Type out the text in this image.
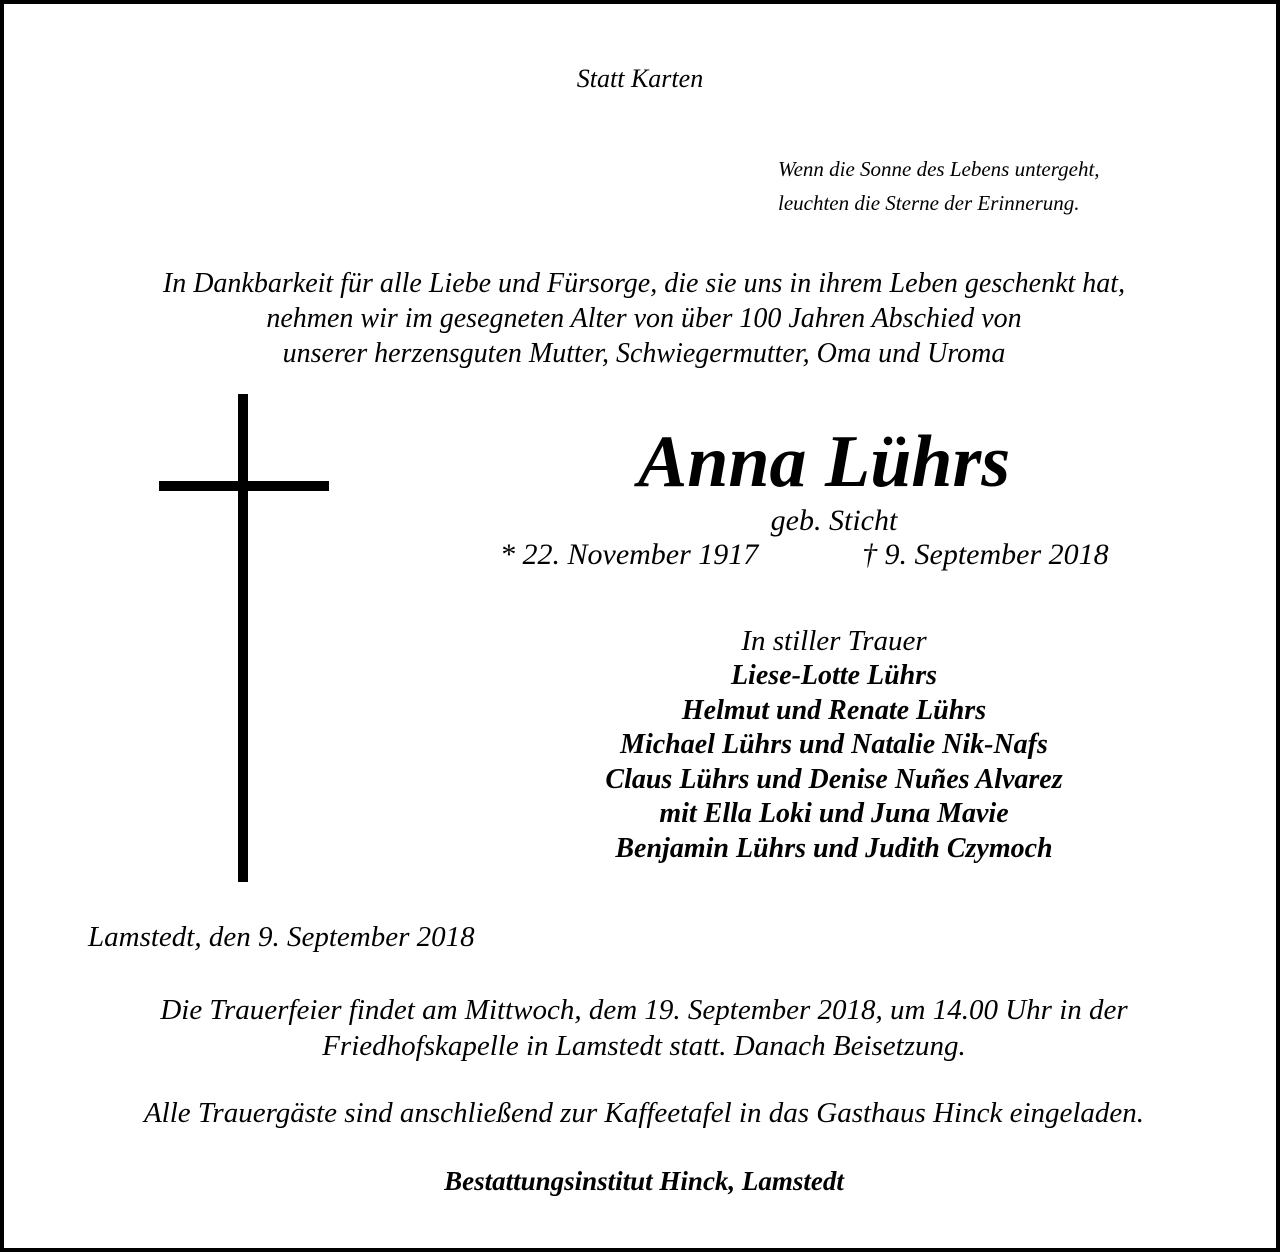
Statt Karten
Wenn die Sonne des Lebens untergeht,
leuchten die Sterne der Erinnerung.
In Dankbarkeit für alle Liebe und Fürsorge, die sie uns in ihrem Leben geschenkt hat,
nehmen wir im gesegneten Alter von über 100 Jahren Abschied von
unserer herzensguten Mutter, Schwiegermutter, Oma und Uroma
Anna Lührs
geb. Sticht
* 22. November 1917	† 9. September 2018
In stiller Trauer
Liese-Lotte Lührs
Helmut und Renate Lührs
Michael Lührs und Natalie Nik-Nafs
Claus Lührs und Denise Nuñes Alvarez
mit Ella Loki und Juna Mavie
Benjamin Lührs und Judith Czymoch
Lamstedt, den 9. September 2018
Die Trauerfeier findet am Mittwoch, dem 19. September 2018, um 14.00 Uhr in der
Friedhofskapelle in Lamstedt statt. Danach Beisetzung.
Alle Trauergäste sind anschließend zur Kaffeetafel in das Gasthaus Hinck eingeladen.
Bestattungsinstitut Hinck, Lamstedt
